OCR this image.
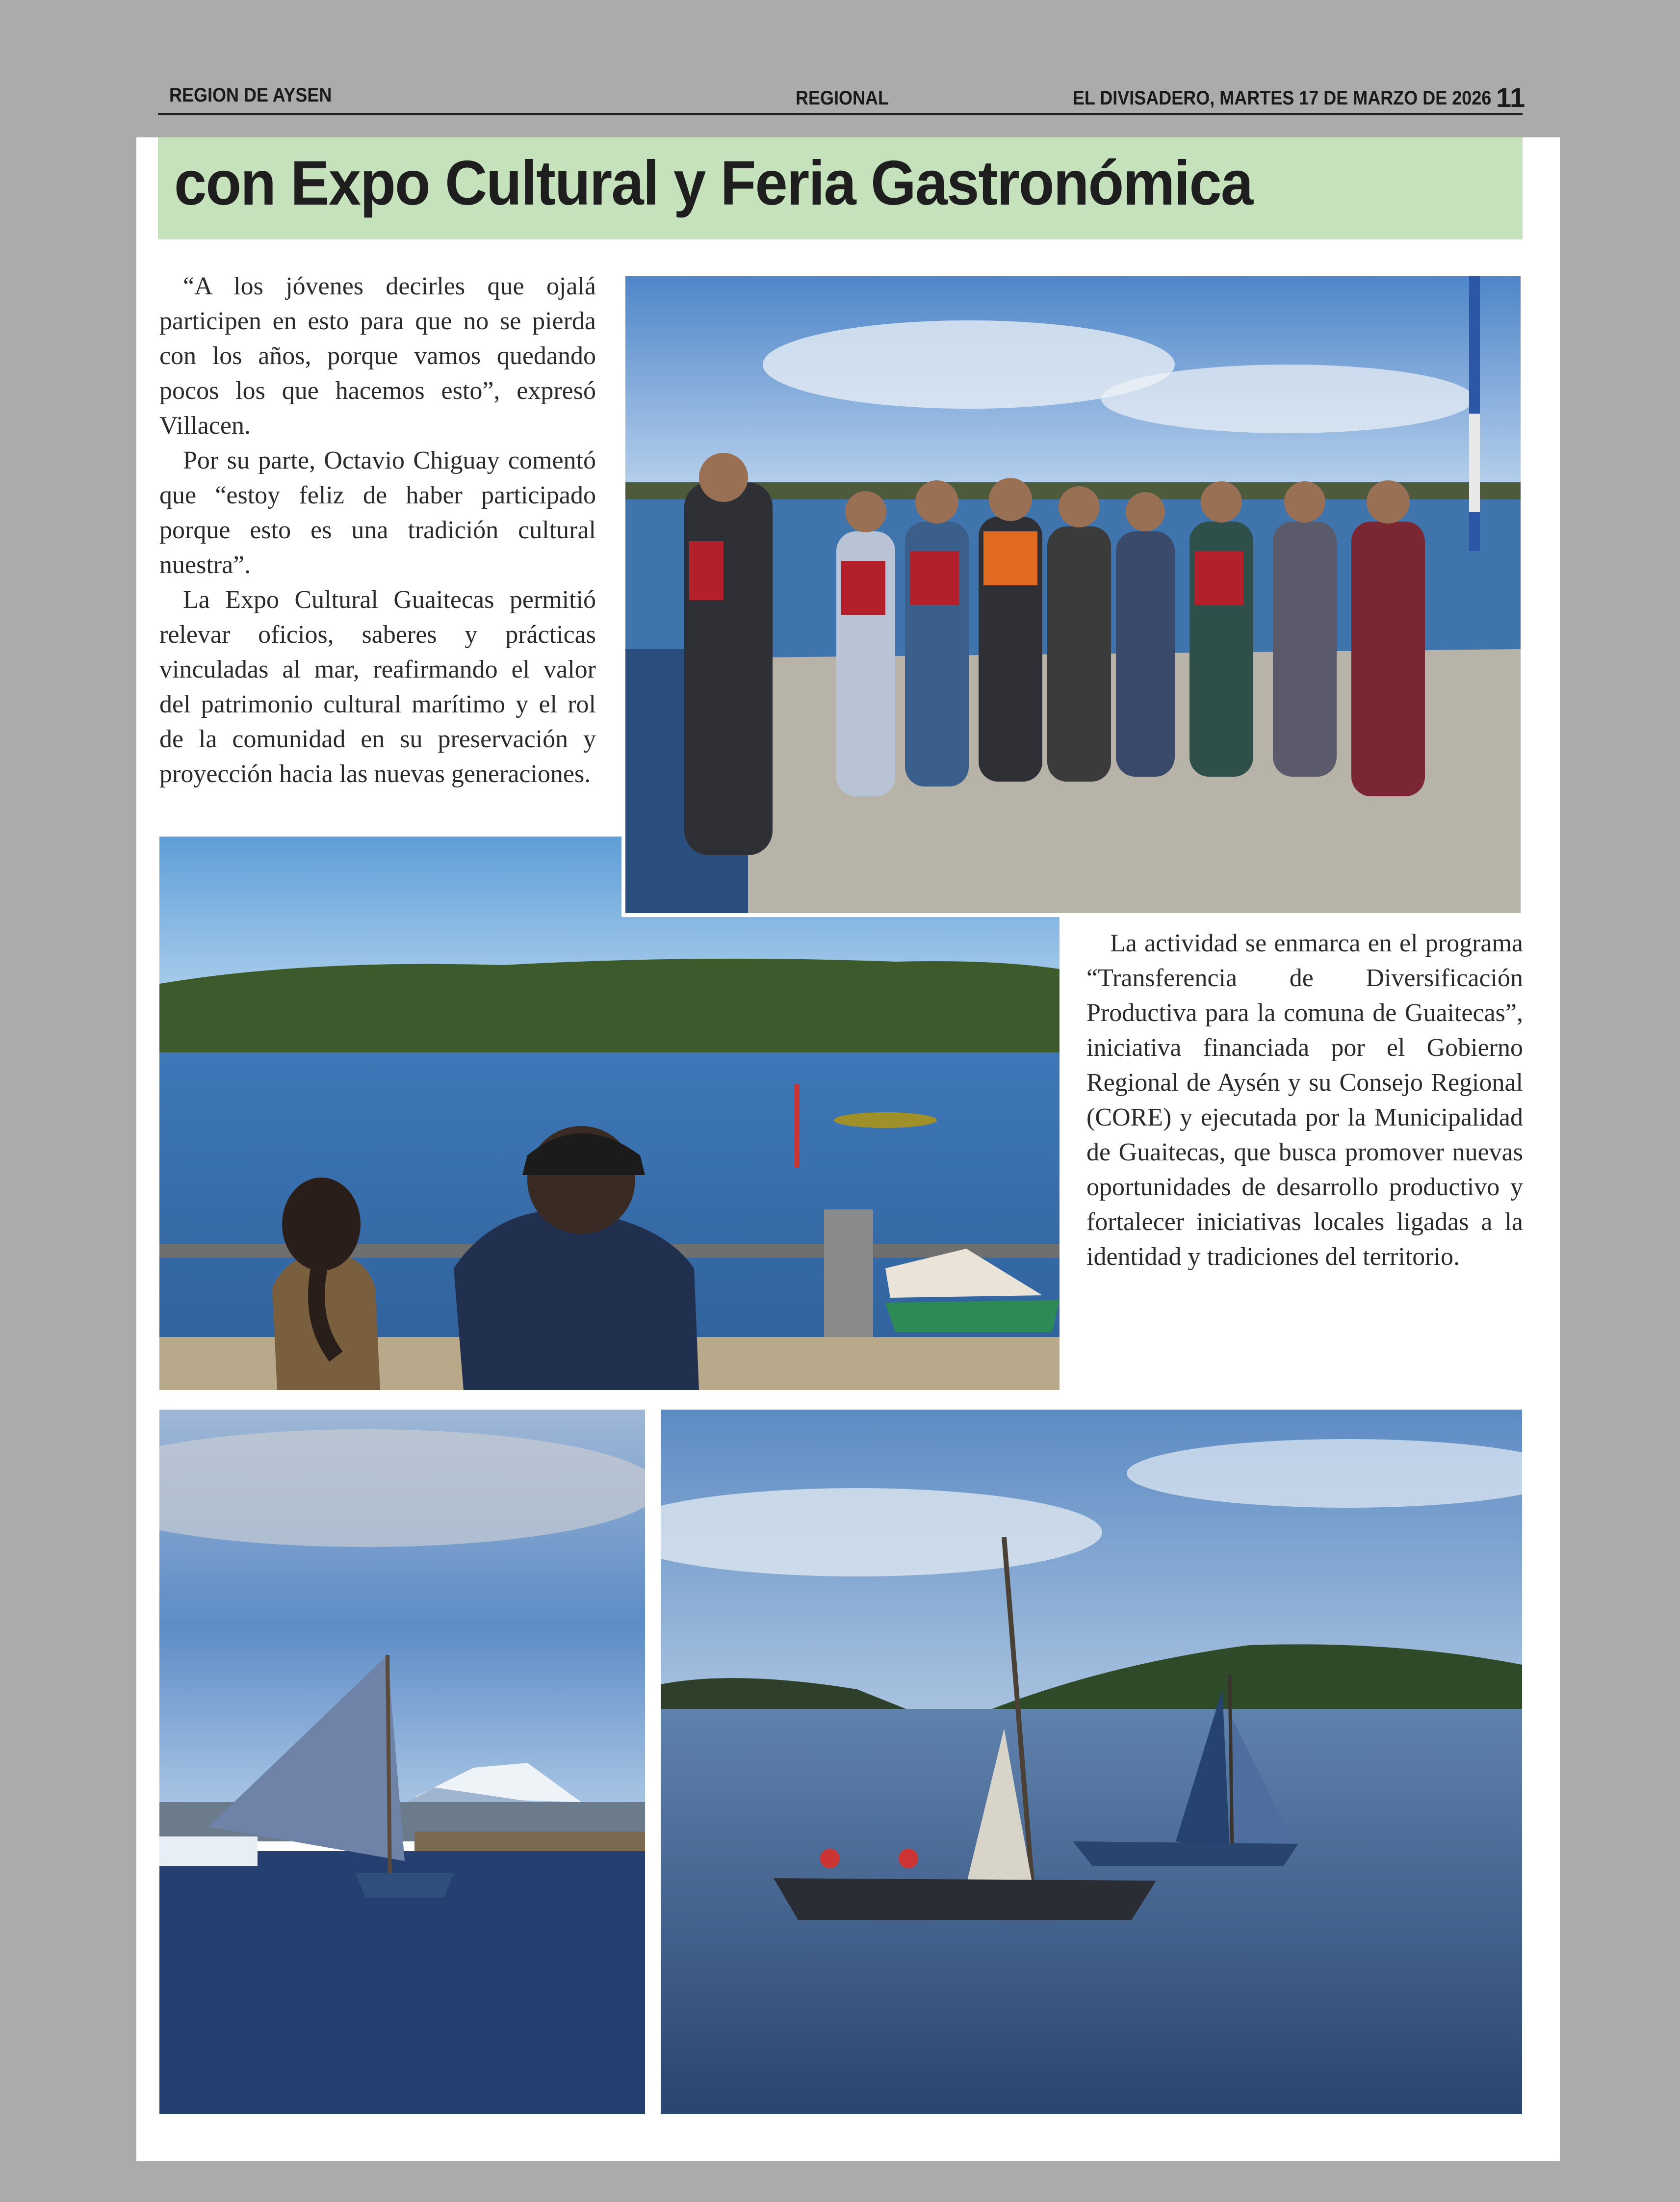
REGION DE AYSEN	REGIONAL	EL DIVISADERO, MARTES 17 DE MARZO DE 2026 11
con Expo Cultural y Feria Gastronómica

“A los jóvenes decirles que ojalá participen en esto para que no se pierda con los años, porque vamos quedando pocos los que hacemos esto”, expresó Villacen.

Por su parte, Octavio Chiguay comentó que “estoy feliz de haber participado porque esto es una tradición cultural nuestra”.

La Expo Cultural Guaitecas permitió relevar oficios, saberes y prácticas vinculadas al mar, reafirmando el valor del patrimonio cultural marítimo y el rol de la comunidad en su preservación y proyección hacia las nuevas generaciones.

La actividad se enmarca en el programa “Transferencia de Diversificación Productiva para la comuna de Guaitecas”, iniciativa financiada por el Gobierno Regional de Aysén y su Consejo Regional (CORE) y ejecutada por la Municipalidad de Guaitecas, que busca promover nuevas oportunidades de desarrollo productivo y fortalecer iniciativas locales ligadas a la identidad y tradiciones del territorio.
